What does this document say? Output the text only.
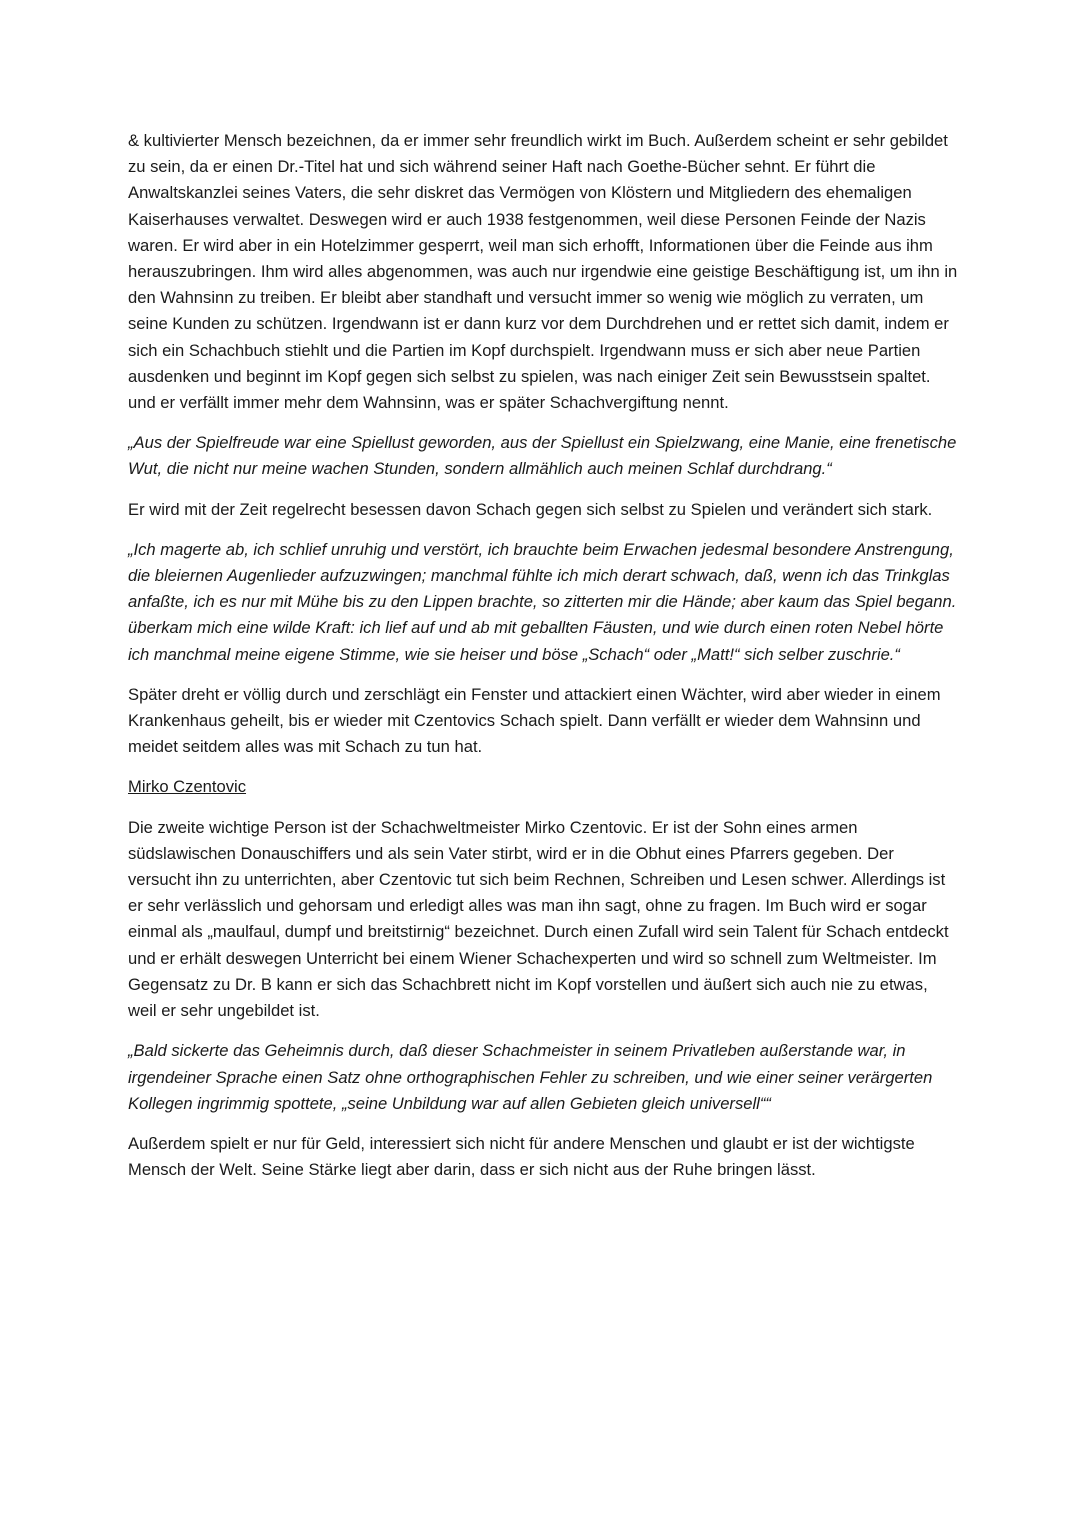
& kultivierter Mensch bezeichnen, da er immer sehr freundlich wirkt im Buch. Außerdem scheint er sehr gebildet zu sein, da er einen Dr.-Titel hat und sich während seiner Haft nach Goethe-Bücher sehnt. Er führt die Anwaltskanzlei seines Vaters, die sehr diskret das Vermögen von Klöstern und Mitgliedern des ehemaligen Kaiserhauses verwaltet. Deswegen wird er auch 1938 festgenommen, weil diese Personen Feinde der Nazis waren. Er wird aber in ein Hotelzimmer gesperrt, weil man sich erhofft, Informationen über die Feinde aus ihm herauszubringen. Ihm wird alles abgenommen, was auch nur irgendwie eine geistige Beschäftigung ist, um ihn in den Wahnsinn zu treiben. Er bleibt aber standhaft und versucht immer so wenig wie möglich zu verraten, um seine Kunden zu schützen. Irgendwann ist er dann kurz vor dem Durchdrehen und er rettet sich damit, indem er sich ein Schachbuch stiehlt und die Partien im Kopf durchspielt. Irgendwann muss er sich aber neue Partien ausdenken und beginnt im Kopf gegen sich selbst zu spielen, was nach einiger Zeit sein Bewusstsein spaltet. und er verfällt immer mehr dem Wahnsinn, was er später Schachvergiftung nennt.

„Aus der Spielfreude war eine Spiellust geworden, aus der Spiellust ein Spielzwang, eine Manie, eine frenetische Wut, die nicht nur meine wachen Stunden, sondern allmählich auch meinen Schlaf durchdrang.“

Er wird mit der Zeit regelrecht besessen davon Schach gegen sich selbst zu Spielen und verändert sich stark.

„Ich magerte ab, ich schlief unruhig und verstört, ich brauchte beim Erwachen jedesmal besondere Anstrengung, die bleiernen Augenlieder aufzuzwingen; manchmal fühlte ich mich derart schwach, daß, wenn ich das Trinkglas anfaßte, ich es nur mit Mühe bis zu den Lippen brachte, so zitterten mir die Hände; aber kaum das Spiel begann. überkam mich eine wilde Kraft: ich lief auf und ab mit geballten Fäusten, und wie durch einen roten Nebel hörte ich manchmal meine eigene Stimme, wie sie heiser und böse „Schach“ oder „Matt!“ sich selber zuschrie.“

Später dreht er völlig durch und zerschlägt ein Fenster und attackiert einen Wächter, wird aber wieder in einem Krankenhaus geheilt, bis er wieder mit Czentovics Schach spielt. Dann verfällt er wieder dem Wahnsinn und meidet seitdem alles was mit Schach zu tun hat.

Mirko Czentovic

Die zweite wichtige Person ist der Schachweltmeister Mirko Czentovic. Er ist der Sohn eines armen südslawischen Donauschiffers und als sein Vater stirbt, wird er in die Obhut eines Pfarrers gegeben. Der versucht ihn zu unterrichten, aber Czentovic tut sich beim Rechnen, Schreiben und Lesen schwer. Allerdings ist er sehr verlässlich und gehorsam und erledigt alles was man ihn sagt, ohne zu fragen. Im Buch wird er sogar einmal als „maulfaul, dumpf und breitstirnig“ bezeichnet. Durch einen Zufall wird sein Talent für Schach entdeckt und er erhält deswegen Unterricht bei einem Wiener Schachexperten und wird so schnell zum Weltmeister. Im Gegensatz zu Dr. B kann er sich das Schachbrett nicht im Kopf vorstellen und äußert sich auch nie zu etwas, weil er sehr ungebildet ist.

„Bald sickerte das Geheimnis durch, daß dieser Schachmeister in seinem Privatleben außerstande war, in irgendeiner Sprache einen Satz ohne orthographischen Fehler zu schreiben, und wie einer seiner verärgerten Kollegen ingrimmig spottete, „seine Unbildung war auf allen Gebieten gleich universell““

Außerdem spielt er nur für Geld, interessiert sich nicht für andere Menschen und glaubt er ist der wichtigste Mensch der Welt. Seine Stärke liegt aber darin, dass er sich nicht aus der Ruhe bringen lässt.
